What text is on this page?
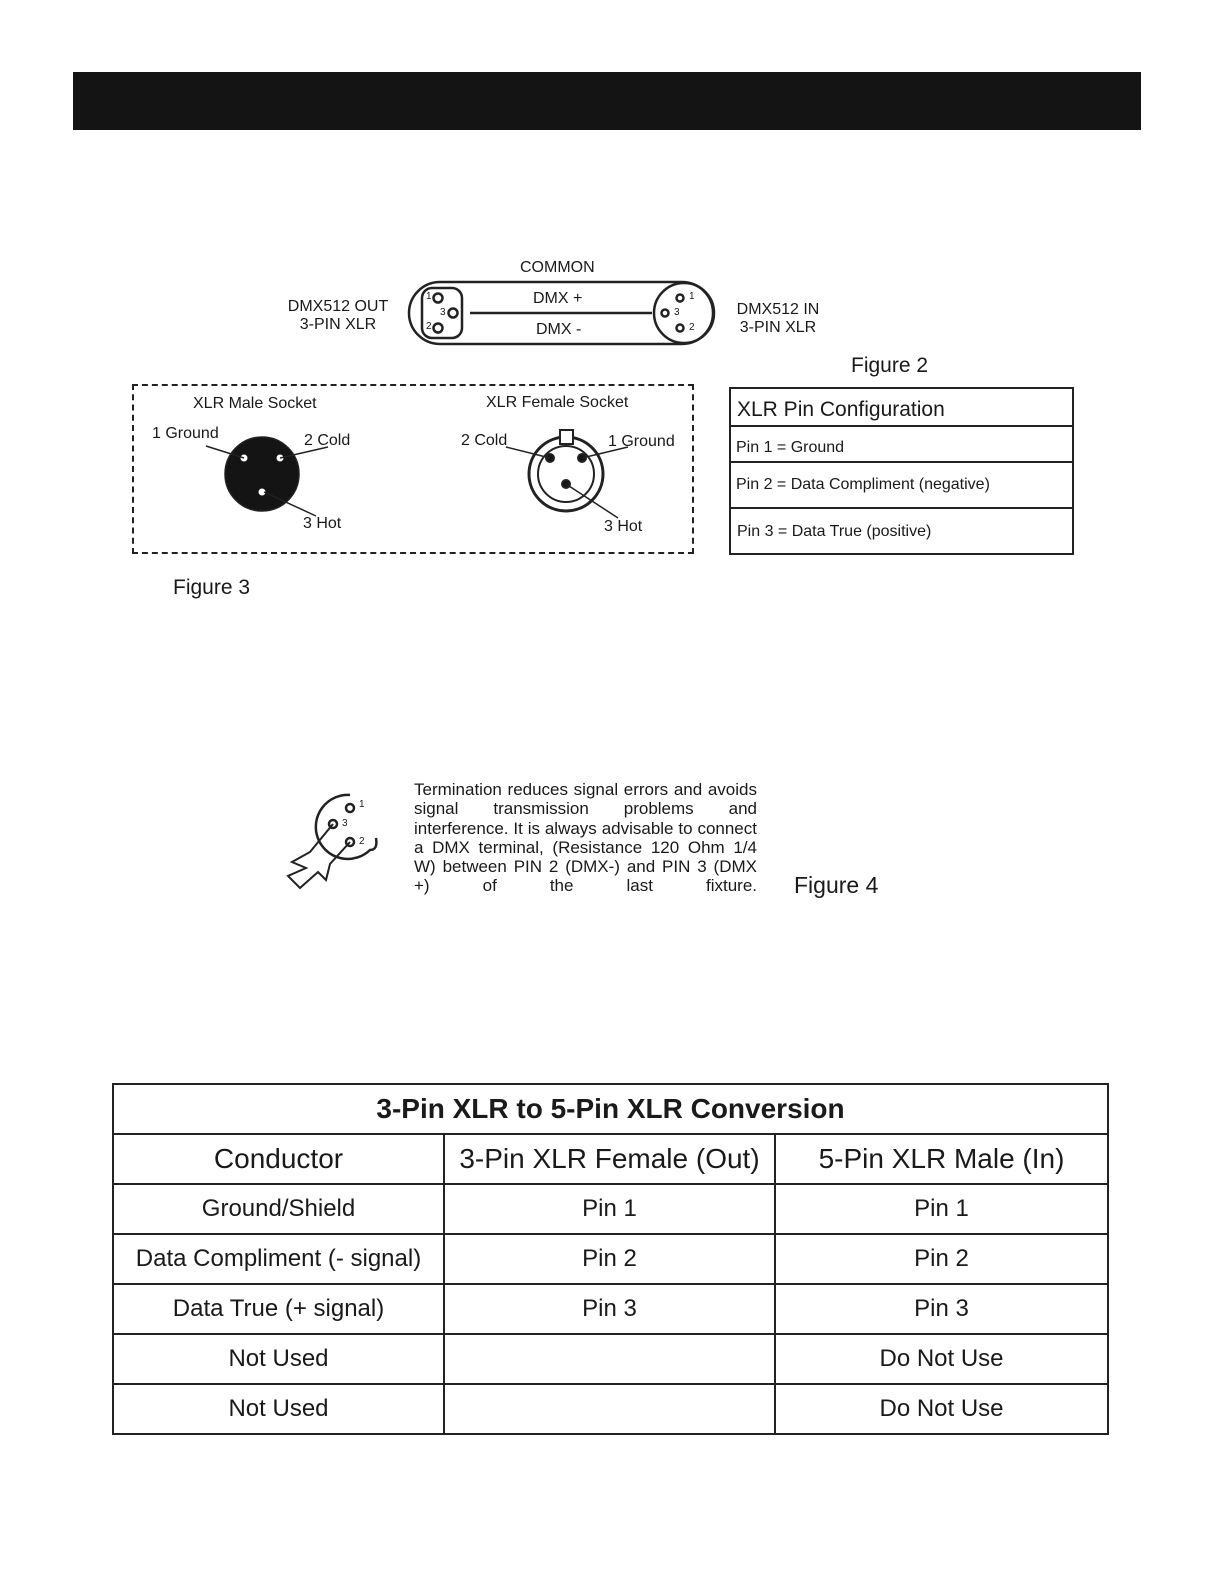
COMMON
DMX +
DMX -
DMX512 OUT
3-PIN XLR
DMX512 IN
3-PIN XLR
1
3
2
1
3
2
Figure 2
XLR Male Socket	XLR Female Socket
1 Ground	2 Cold
3 Hot
2 Cold	1 Ground
3 Hot
Figure 3
XLR Pin Configuration
Pin 1 = Ground
Pin 2 = Data Compliment (negative)
Pin 3 = Data True (positive)
1
3
2
Termination reduces signal errors and avoids signal transmission problems and interference. It is always advisable to connect a DMX terminal, (Resistance 120 Ohm 1/4 W) between PIN 2 (DMX-) and PIN 3 (DMX +) of the last fixture. Figure 4
3-Pin XLR to 5-Pin XLR Conversion		
Conductor	3-Pin XLR Female (Out)	5-Pin XLR Male (In)
Ground/Shield	Pin 1	Pin 1
Data Compliment (- signal)	Pin 2	Pin 2
Data True (+ signal)	Pin 3	Pin 3
Not Used		Do Not Use
Not Used		Do Not Use
